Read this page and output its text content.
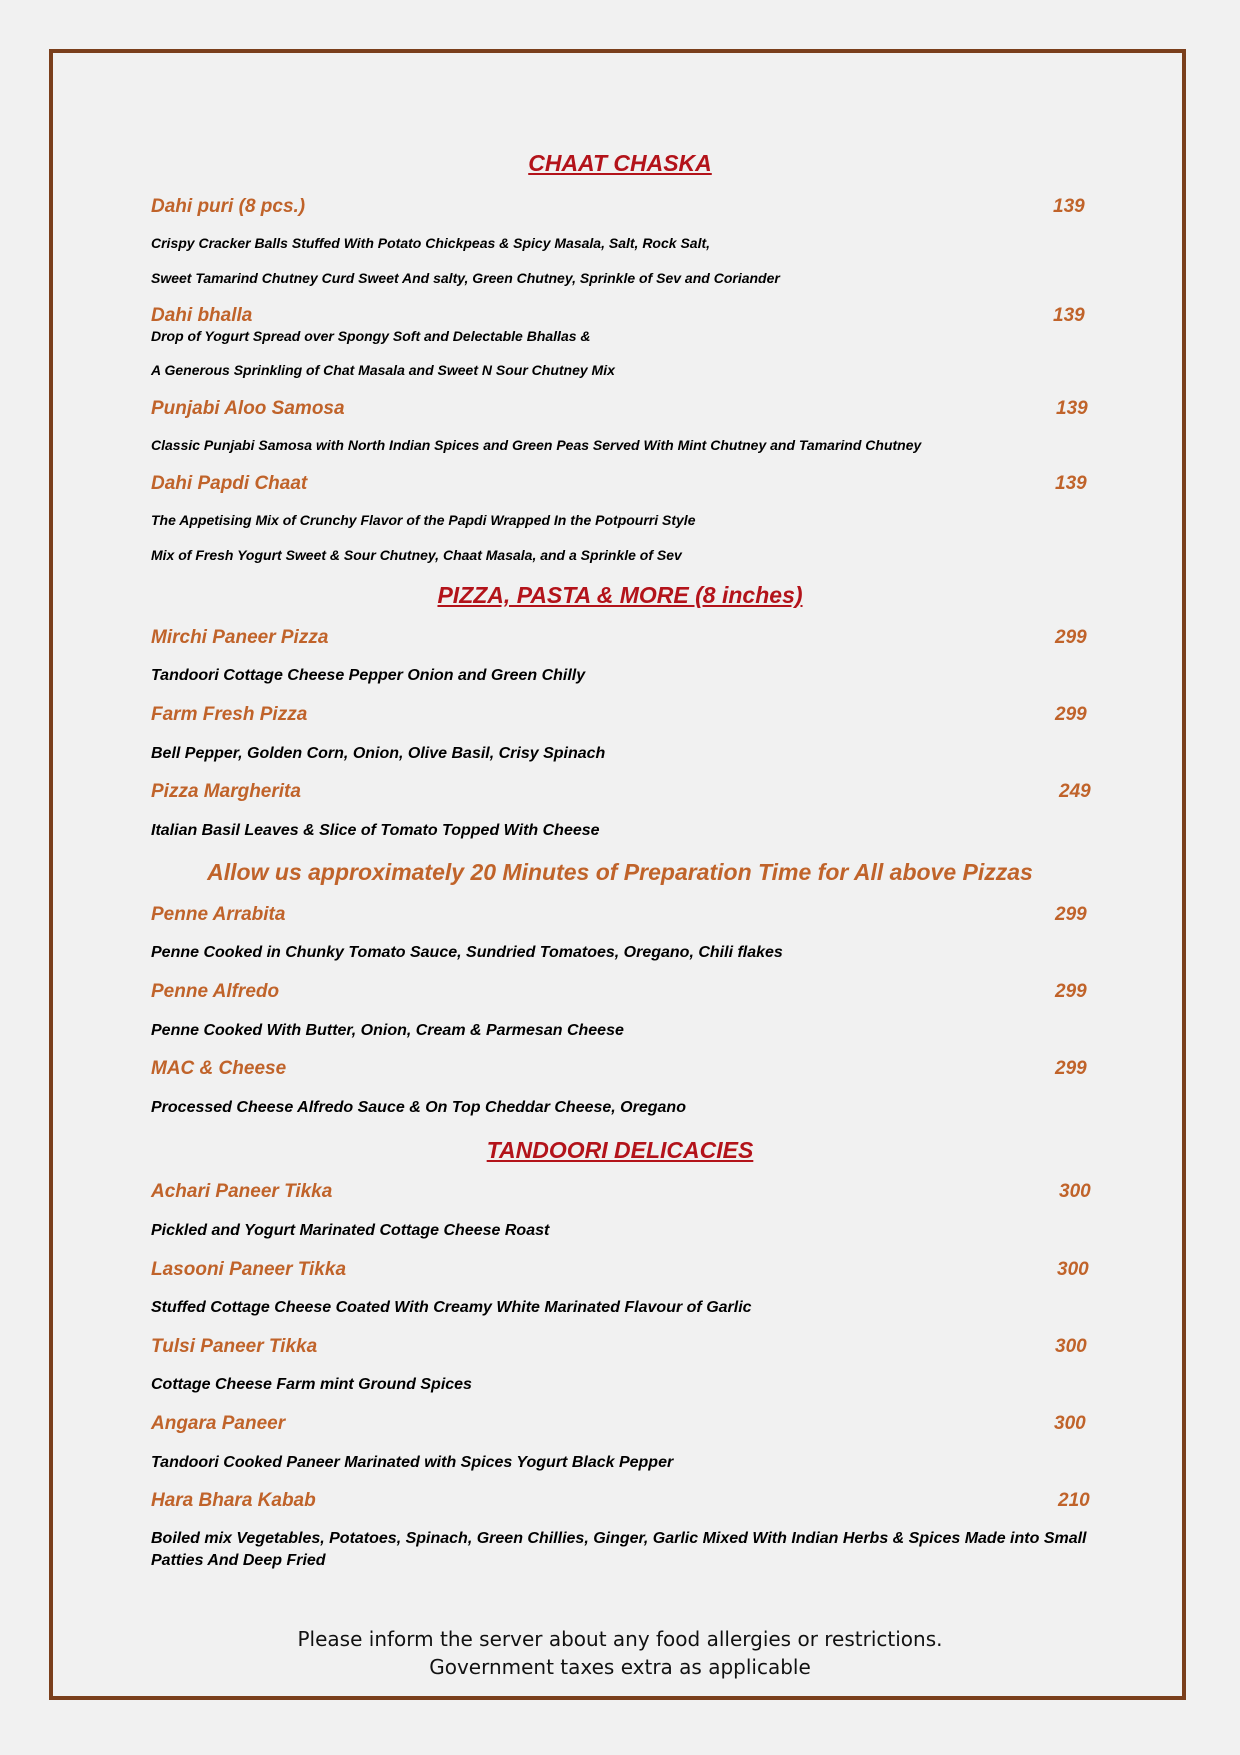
CHAAT CHASKA
Dahi puri (8 pcs.)	139
Crispy Cracker Balls Stuffed With Potato Chickpeas & Spicy Masala, Salt, Rock Salt,
Sweet Tamarind Chutney Curd Sweet And salty, Green Chutney, Sprinkle of Sev and Coriander
Dahi bhalla	139
Drop of Yogurt Spread over Spongy Soft and Delectable Bhallas &
A Generous Sprinkling of Chat Masala and Sweet N Sour Chutney Mix
Punjabi Aloo Samosa	139
Classic Punjabi Samosa with North Indian Spices and Green Peas Served With Mint Chutney and Tamarind Chutney
Dahi Papdi Chaat	139
The Appetising Mix of Crunchy Flavor of the Papdi Wrapped In the Potpourri Style
Mix of Fresh Yogurt Sweet & Sour Chutney, Chaat Masala, and a Sprinkle of Sev
PIZZA, PASTA & MORE (8 inches)
Mirchi Paneer Pizza	299
Tandoori Cottage Cheese Pepper Onion and Green Chilly
Farm Fresh Pizza	299
Bell Pepper, Golden Corn, Onion, Olive Basil, Crisy Spinach
Pizza Margherita	249
Italian Basil Leaves & Slice of Tomato Topped With Cheese

Allow us approximately 20 Minutes of Preparation Time for All above Pizzas

Penne Arrabita	299
Penne Cooked in Chunky Tomato Sauce, Sundried Tomatoes, Oregano, Chili flakes
Penne Alfredo	299
Penne Cooked With Butter, Onion, Cream & Parmesan Cheese
MAC & Cheese	299
Processed Cheese Alfredo Sauce & On Top Cheddar Cheese, Oregano
TANDOORI DELICACIES
Achari Paneer Tikka	300
Pickled and Yogurt Marinated Cottage Cheese Roast
Lasooni Paneer Tikka	300
Stuffed Cottage Cheese Coated With Creamy White Marinated Flavour of Garlic
Tulsi Paneer Tikka	300
Cottage Cheese Farm mint Ground Spices
Angara Paneer	300
Tandoori Cooked Paneer Marinated with Spices Yogurt Black Pepper
Hara Bhara Kabab	210
Boiled mix Vegetables, Potatoes, Spinach, Green Chillies, Ginger, Garlic Mixed With Indian Herbs & Spices Made into Small Patties And Deep Fried
Please inform the server about any food allergies or restrictions.
Government taxes extra as applicable
